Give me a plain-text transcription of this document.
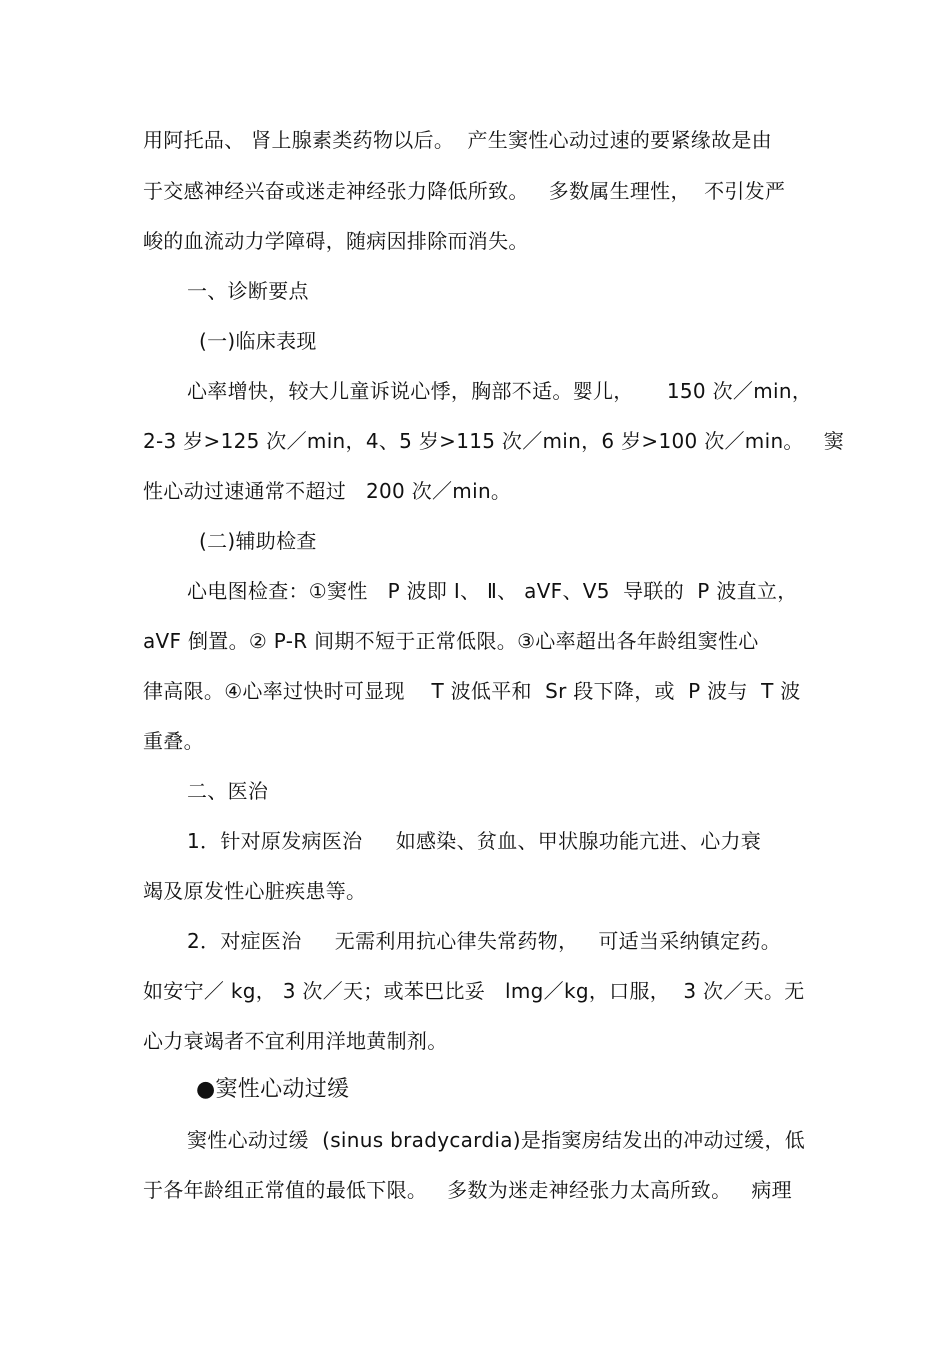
用阿托品、 肾上腺素类药物以后。  产生窦性心动过速的要紧缘故是由
于交感神经兴奋或迷走神经张力降低所致。   多数属生理性，  不引发严
峻的血流动力学障碍，随病因排除而消失。
一、诊断要点
(一)临床表现
心率增快，较大儿童诉说心悸，胸部不适。婴儿，     150 次／min，
2-3 岁>125 次／min，4、5 岁>115 次／min，6 岁>100 次／min。   窦
性心动过速通常不超过   200 次／min。
(二)辅助检查
心电图检查：①窦性   P 波即 Ⅰ、 Ⅱ、 aVF、V5  导联的  P 波直立，
aVF 倒置。② P-R 间期不短于正常低限。③心率超出各年龄组窦性心
律高限。④心率过快时可显现    T 波低平和  Sr 段下降，或  P 波与  T 波
重叠。
二、医治
1．针对原发病医治     如感染、贫血、甲状腺功能亢进、心力衰
竭及原发性心脏疾患等。
2．对症医治     无需利用抗心律失常药物，   可适当采纳镇定药。
如安宁／ kg， 3 次／天；或苯巴比妥   lmg／kg，口服，  3 次／天。无
心力衰竭者不宜利用洋地黄制剂。
●窦性心动过缓
窦性心动过缓  (sinus bradycardia)是指窦房结发出的冲动过缓，低
于各年龄组正常值的最低下限。   多数为迷走神经张力太高所致。   病理
